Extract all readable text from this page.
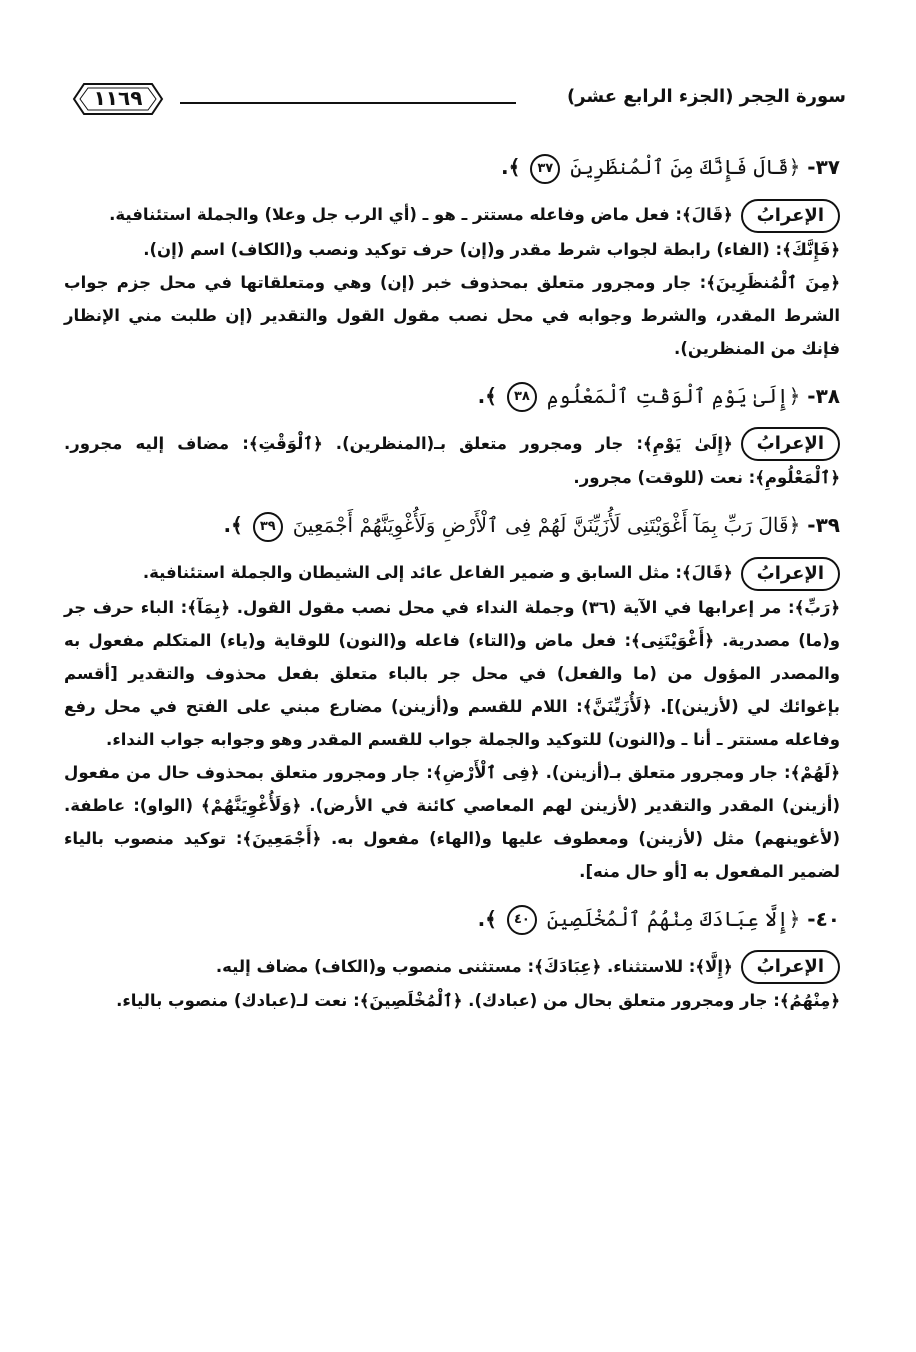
١١٦٩	سورة الحِجر (الجزء الرابع عشر)
٣٧- ﴿قَالَ فَإِنَّكَ مِنَ ٱلْمُنظَرِينَ ٣٧ ﴾.

الإعرابُ﴿قَالَ﴾: فعل ماض وفاعله مستتر ـ هو ـ (أي الرب جل وعلا) والجملة استئنافية.

﴿فَإِنَّكَ﴾: (الفاء) رابطة لجواب شرط مقدر و(إن) حرف توكيد ونصب و(الكاف) اسم (إن).

﴿مِنَ ٱلْمُنظَرِينَ﴾: جار ومجرور متعلق بمحذوف خبر (إن) وهي ومتعلقاتها في محل جزم جواب الشرط المقدر، والشرط وجوابه في محل نصب مقول القول والتقدير (إن طلبت مني الإنظار فإنك من المنظرين).

٣٨- ﴿إِلَىٰ يَوْمِ ٱلْوَقْتِ ٱلْمَعْلُومِ ٣٨ ﴾.

الإعرابُ﴿إِلَىٰ يَوْمِ﴾: جار ومجرور متعلق بـ(المنظرين). ﴿ٱلْوَقْتِ﴾: مضاف إليه مجرور. ﴿ٱلْمَعْلُومِ﴾: نعت (للوقت) مجرور.

٣٩- ﴿قَالَ رَبِّ بِمَآ أَغْوَيْتَنِى لَأُزَيِّنَنَّ لَهُمْ فِى ٱلْأَرْضِ وَلَأُغْوِيَنَّهُمْ أَجْمَعِينَ ٣٩ ﴾.

الإعرابُ﴿قَالَ﴾: مثل السابق و ضمير الفاعل عائد إلى الشيطان والجملة استئنافية.

﴿رَبِّ﴾: مر إعرابها في الآية (٣٦) وجملة النداء في محل نصب مقول القول. ﴿بِمَآ﴾: الباء حرف جر و(ما) مصدرية. ﴿أَغْوَيْتَنِى﴾: فعل ماض و(التاء) فاعله و(النون) للوقاية و(ياء) المتكلم مفعول به والمصدر المؤول من (ما والفعل) في محل جر بالباء متعلق بفعل محذوف والتقدير [أقسم بإغوائك لي (لأزينن)]. ﴿لَأُزَيِّنَنَّ﴾: اللام للقسم و(أزينن) مضارع مبني على الفتح في محل رفع وفاعله مستتر ـ أنا ـ و(النون) للتوكيد والجملة جواب للقسم المقدر وهو وجوابه جواب النداء.

﴿لَهُمْ﴾: جار ومجرور متعلق بـ(أزينن). ﴿فِى ٱلْأَرْضِ﴾: جار ومجرور متعلق بمحذوف حال من مفعول (أزينن) المقدر والتقدير (لأزينن لهم المعاصي كائنة في الأرض). ﴿وَلَأُغْوِيَنَّهُمْ﴾ (الواو): عاطفة. (لأغوينهم) مثل (لأزينن) ومعطوف عليها و(الهاء) مفعول به. ﴿أَجْمَعِينَ﴾: توكيد منصوب بالياء لضمير المفعول به [أو حال منه].

٤٠- ﴿إِلَّا عِبَادَكَ مِنْهُمُ ٱلْمُخْلَصِينَ ٤٠ ﴾.

الإعرابُ﴿إِلَّا﴾: للاستثناء. ﴿عِبَادَكَ﴾: مستثنى منصوب و(الكاف) مضاف إليه.

﴿مِنْهُمُ﴾: جار ومجرور متعلق بحال من (عبادك). ﴿ٱلْمُخْلَصِينَ﴾: نعت لـ(عبادك) منصوب بالياء.
